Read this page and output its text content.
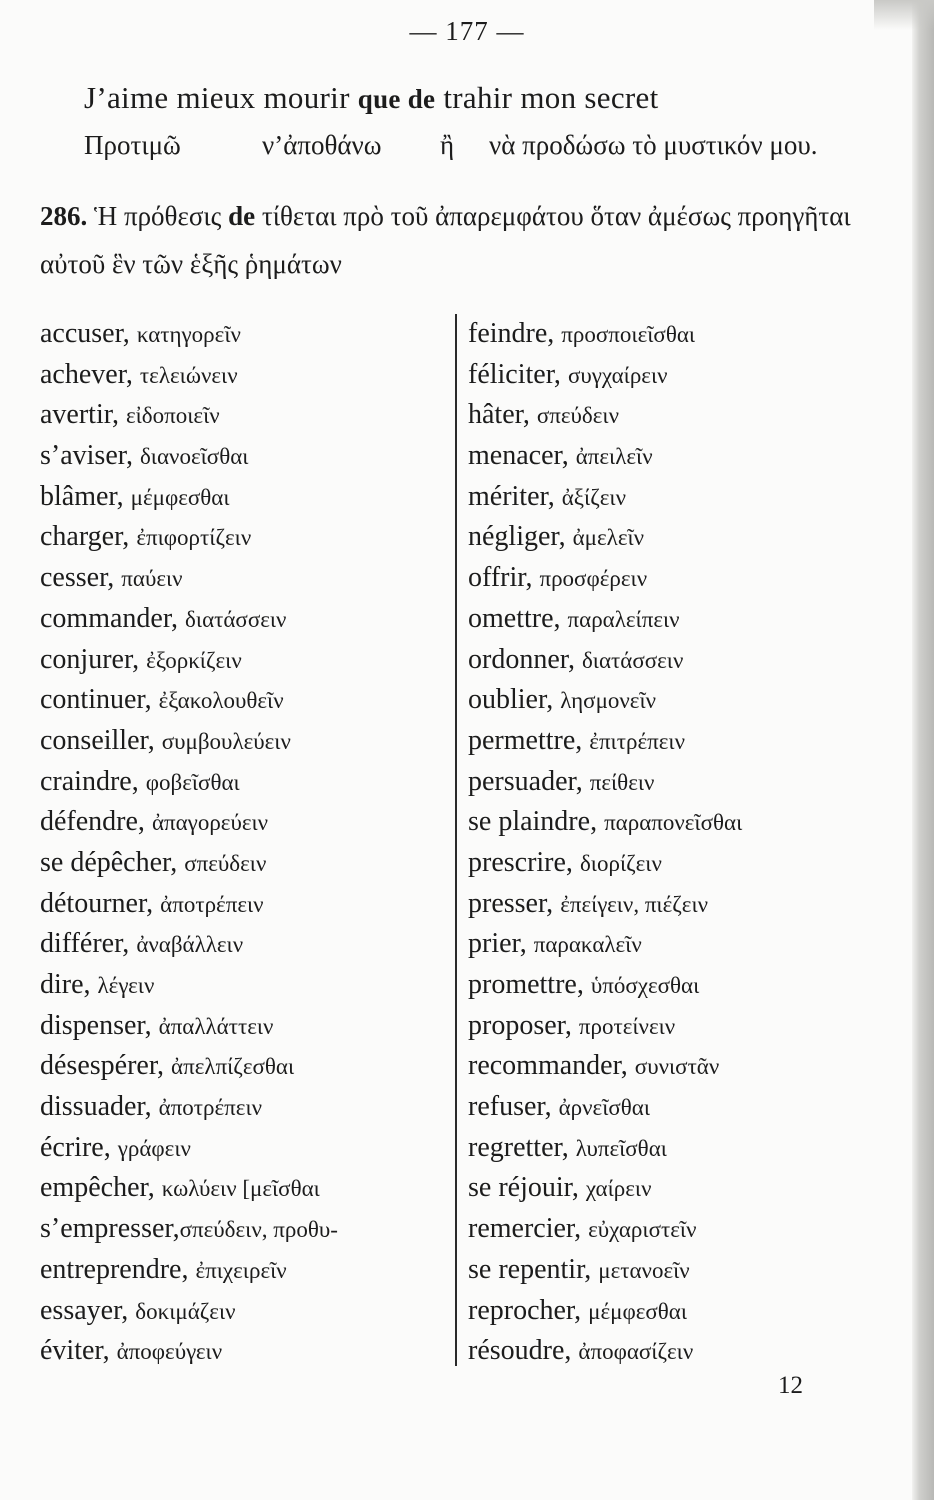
— 177 —
J’aime mieux mourir que de trahir mon secret
Προτιμῶ	ν’ἀποθάνω ἢ νὰ προδώσω τὸ μυστικόν μου.
286. Ἡ πρόθεσις de τίθεται πρὸ τοῦ ἀπαρεμφάτου ὅταν ἀμέσως προηγῆται αὐτοῦ ἓν τῶν ἑξῆς ῥημάτων
accuser, κατηγορεῖν
achever, τελειώνειν
avertir, εἰδοποιεῖν
s’aviser, διανοεῖσθαι
blâmer, μέμφεσθαι
charger, ἐπιφορτίζειν
cesser, παύειν
commander, διατάσσειν
conjurer, ἐξορκίζειν
continuer, ἐξακολουθεῖν
conseiller, συμβουλεύειν
craindre, φοβεῖσθαι
défendre, ἀπαγορεύειν
se dépêcher, σπεύδειν
détourner, ἀποτρέπειν
différer, ἀναβάλλειν
dire, λέγειν
dispenser, ἀπαλλάττειν
désespérer, ἀπελπίζεσθαι
dissuader, ἀποτρέπειν
écrire, γράφειν
empêcher, κωλύειν [μεῖσθαι
s’empresser,σπεύδειν, προθυ-
entreprendre, ἐπιχειρεῖν
essayer, δοκιμάζειν
éviter, ἀποφεύγειν
feindre, προσποιεῖσθαι
féliciter, συγχαίρειν
hâter, σπεύδειν
menacer, ἀπειλεῖν
mériter, ἀξίζειν
négliger, ἀμελεῖν
offrir, προσφέρειν
omettre, παραλείπειν
ordonner, διατάσσειν
oublier, λησμονεῖν
permettre, ἐπιτρέπειν
persuader, πείθειν
se plaindre, παραπονεῖσθαι
prescrire, διορίζειν
presser, ἐπείγειν, πιέζειν
prier, παρακαλεῖν
promettre, ὑπόσχεσθαι
proposer, προτείνειν
recommander, συνιστᾶν
refuser, ἀρνεῖσθαι
regretter, λυπεῖσθαι
se réjouir, χαίρειν
remercier, εὐχαριστεῖν
se repentir, μετανοεῖν
reprocher, μέμφεσθαι
résoudre, ἀποφασίζειν
12
